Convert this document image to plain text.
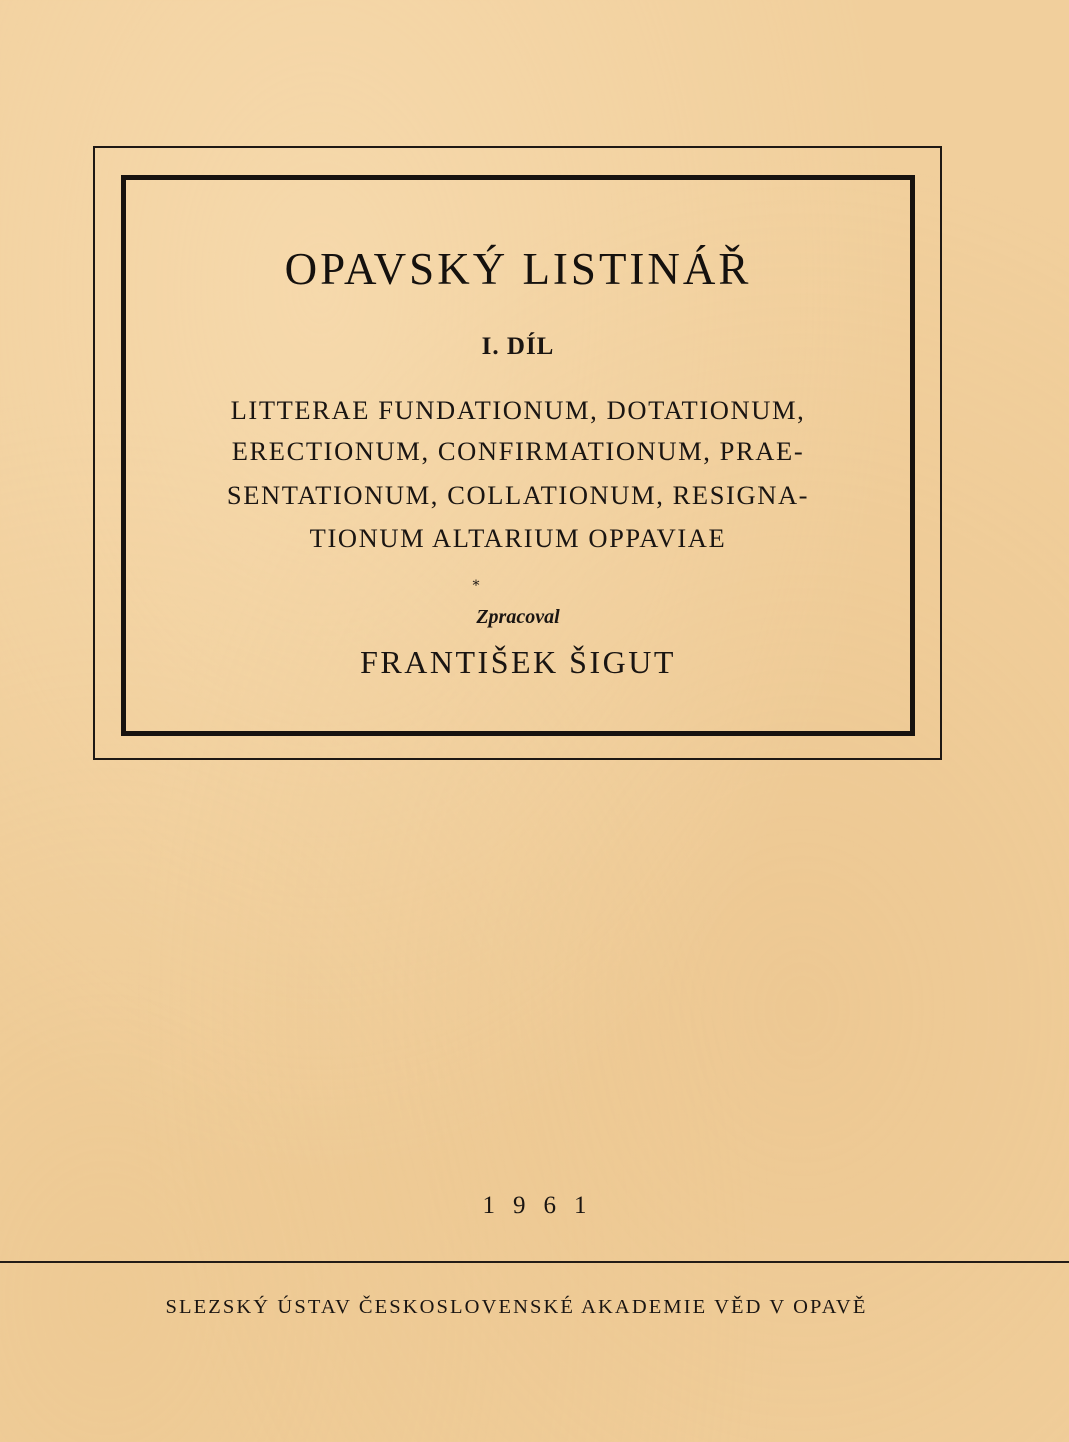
OPAVSKÝ LISTINÁŘ
I. DÍL
LITTERAE FUNDATIONUM, DOTATIONUM,
ERECTIONUM, CONFIRMATIONUM, PRAE-
SENTATIONUM, COLLATIONUM, RESIGNA-
TIONUM ALTARIUM OPPAVIAE
*
Zpracoval
FRANTIŠEK ŠIGUT
1961
SLEZSKÝ ÚSTAV ČESKOSLOVENSKÉ AKADEMIE VĚD V OPAVĚ
